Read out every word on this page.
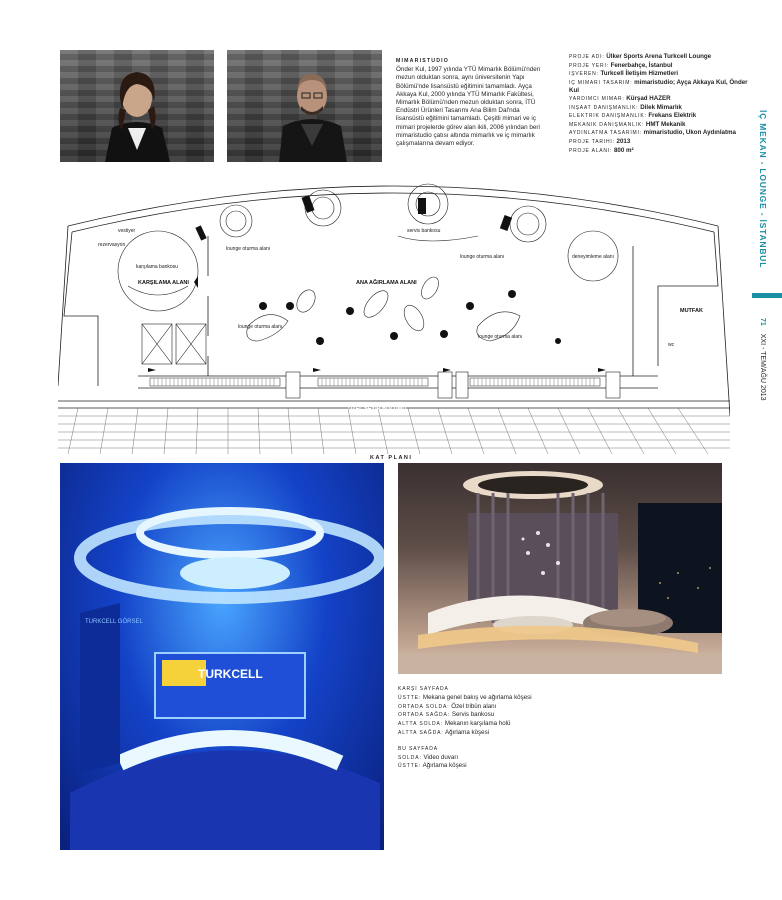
MIMARISTUDIO
Önder Kul, 1997 yılında YTÜ Mimarlık Bölümü'nden mezun olduktan sonra, aynı üniversitenin Yapı Bölümü'nde lisansüstü eğitimini tamamladı. Ayça Akkaya Kul, 2000 yılında YTÜ Mimarlık Fakültesi, Mimarlık Bölümü'nden mezun olduktan sonra, İTÜ Endüstri Ürünleri Tasarımı Ana Bilim Dal'nda lisansüstü eğitimini tamamladı. Çeşitli mimari ve iç mimari projelerde görev alan ikili, 2006 yılından beri mimaristudio çatısı altında mimarlık ve iç mimarlık çalışmalarına devam ediyor.
PROJE ADI: Ülker Sports Arena Turkcell Lounge
PROJE YERI: Fenerbahçe, İstanbul
IŞVEREN: Turkcell İletişim Hizmetleri
IÇ MIMARI TASARIM: mimaristudio; Ayça Akkaya Kul, Önder Kul
YARDIMCI MIMAR: Kürşad HAZER
INŞAAT DANIŞMANLIK: Dilek Mimarlık
ELEKTRIK DANIŞMANLIK: Frekans Elektrik
MEKANIK DANIŞMANLIK: HMT Mekanik
AYDINLATMA TASARIMI: mimaristudio, Ukon Aydınlatma
PROJE TARIHI: 2013
PROJE ALANI: 800 m²	İÇ MEKAN - LOUNGE - İSTANBUL
71 XXI - TEM/AĞU 2013
KARŞILAMA ALANI	ANA AĞIRLAMA ALANI
MUTFAK
ÖZEL SEYİR BÖLÜMÜ
servis bankosu
lounge oturma alanı
lounge oturma alanı
lounge oturma alanı
lounge oturma alanı
deneyimleme alanı
vestiyer
karşılama bankosu
rezervasyon
wc
KAT PLANI
TURKCELL
TURKCELL GÖRSEL
KARŞI SAYFADA
ÜSTTE: Mekana genel bakış ve ağırlama köşesi
ORTADA SOLDA: Özel tribün alanı
ORTADA SAĞDA: Servis bankosu
ALTTA SOLDA: Mekanın karşılama holü
ALTTA SAĞDA: Ağırlama köşesi
BU SAYFADA
SOLDA: Video duvarı
ÜSTTE: Ağırlama köşesi
